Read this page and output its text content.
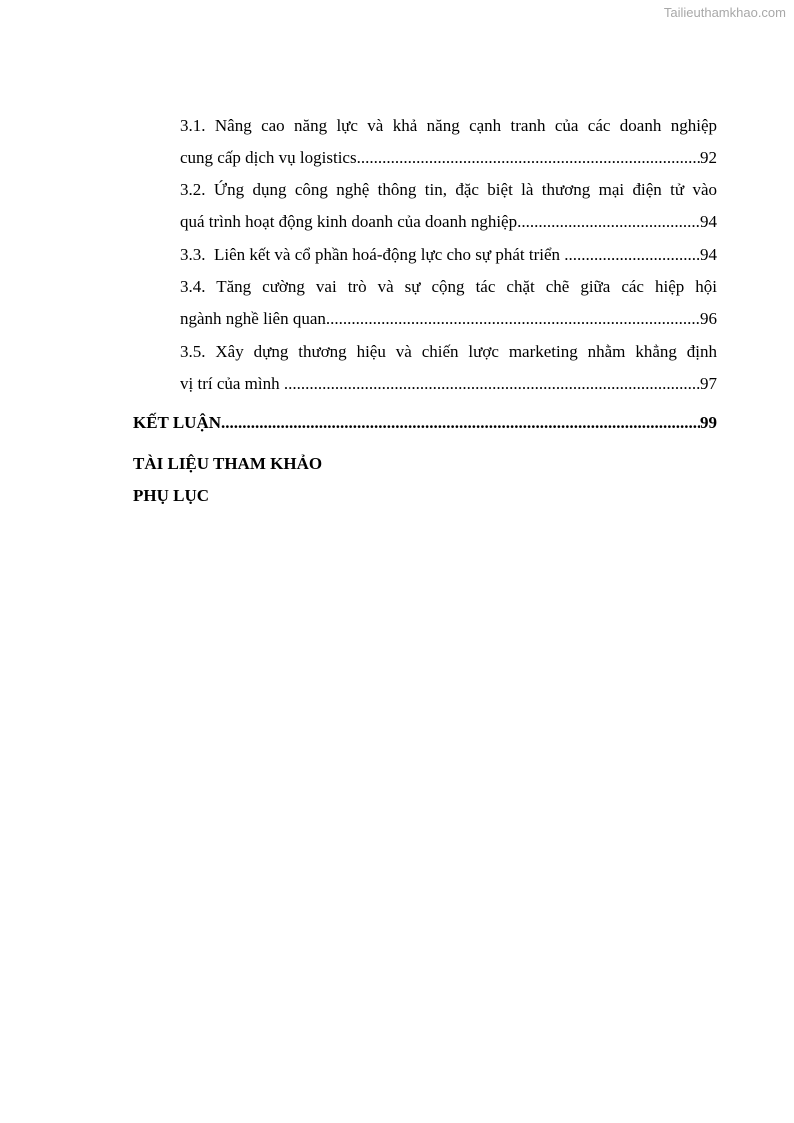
Tailieuthamkhao.com
3.1. Nâng cao năng lực và khả năng cạnh tranh của các doanh nghiệp
cung cấp dịch vụ logistics .....	92
3.2. Ứng dụng công nghệ thông tin, đặc biệt là thương mại điện tử vào
quá trình hoạt động kinh doanh của doanh nghiệp .....	94
3.3.  Liên kết và cổ phần hoá-động lực cho sự phát triển .....	94
3.4. Tăng cường vai trò và sự cộng tác chặt chẽ giữa các hiệp hội
ngành nghề liên quan .....	96
3.5. Xây dựng thương hiệu và chiến lược marketing nhằm khẳng định
vị trí của mình .....	97
KẾT LUẬN .....	99
TÀI LIỆU THAM KHẢO
PHỤ LỤC
